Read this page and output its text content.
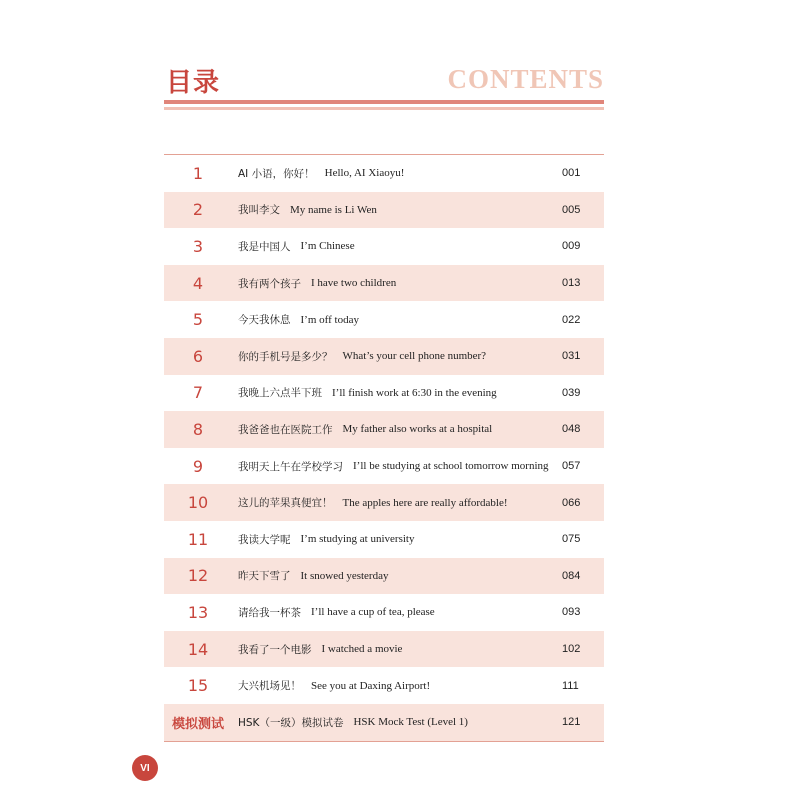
目录	CONTENTS
1	AI 小语，你好！ Hello, AI Xiaoyu!	001
2	我叫李文 My name is Li Wen	005
3	我是中国人 I’m Chinese	009
4	我有两个孩子 I have two children	013
5	今天我休息 I’m off today	022
6	你的手机号是多少？ What’s your cell phone number?	031
7	我晚上六点半下班 I’ll finish work at 6:30 in the evening	039
8	我爸爸也在医院工作 My father also works at a hospital	048
9	我明天上午在学校学习 I’ll be studying at school tomorrow morning 057
10	这儿的苹果真便宜！ The apples here are really affordable!	066
11	我读大学呢 I’m studying at university	075
12	昨天下雪了 It snowed yesterday	084
13	请给我一杯茶 I’ll have a cup of tea, please	093
14	我看了一个电影 I watched a movie	102
15	大兴机场见！ See you at Daxing Airport!	111
模拟测试	HSK（一级）模拟试卷 HSK Mock Test (Level 1)	121
VI
